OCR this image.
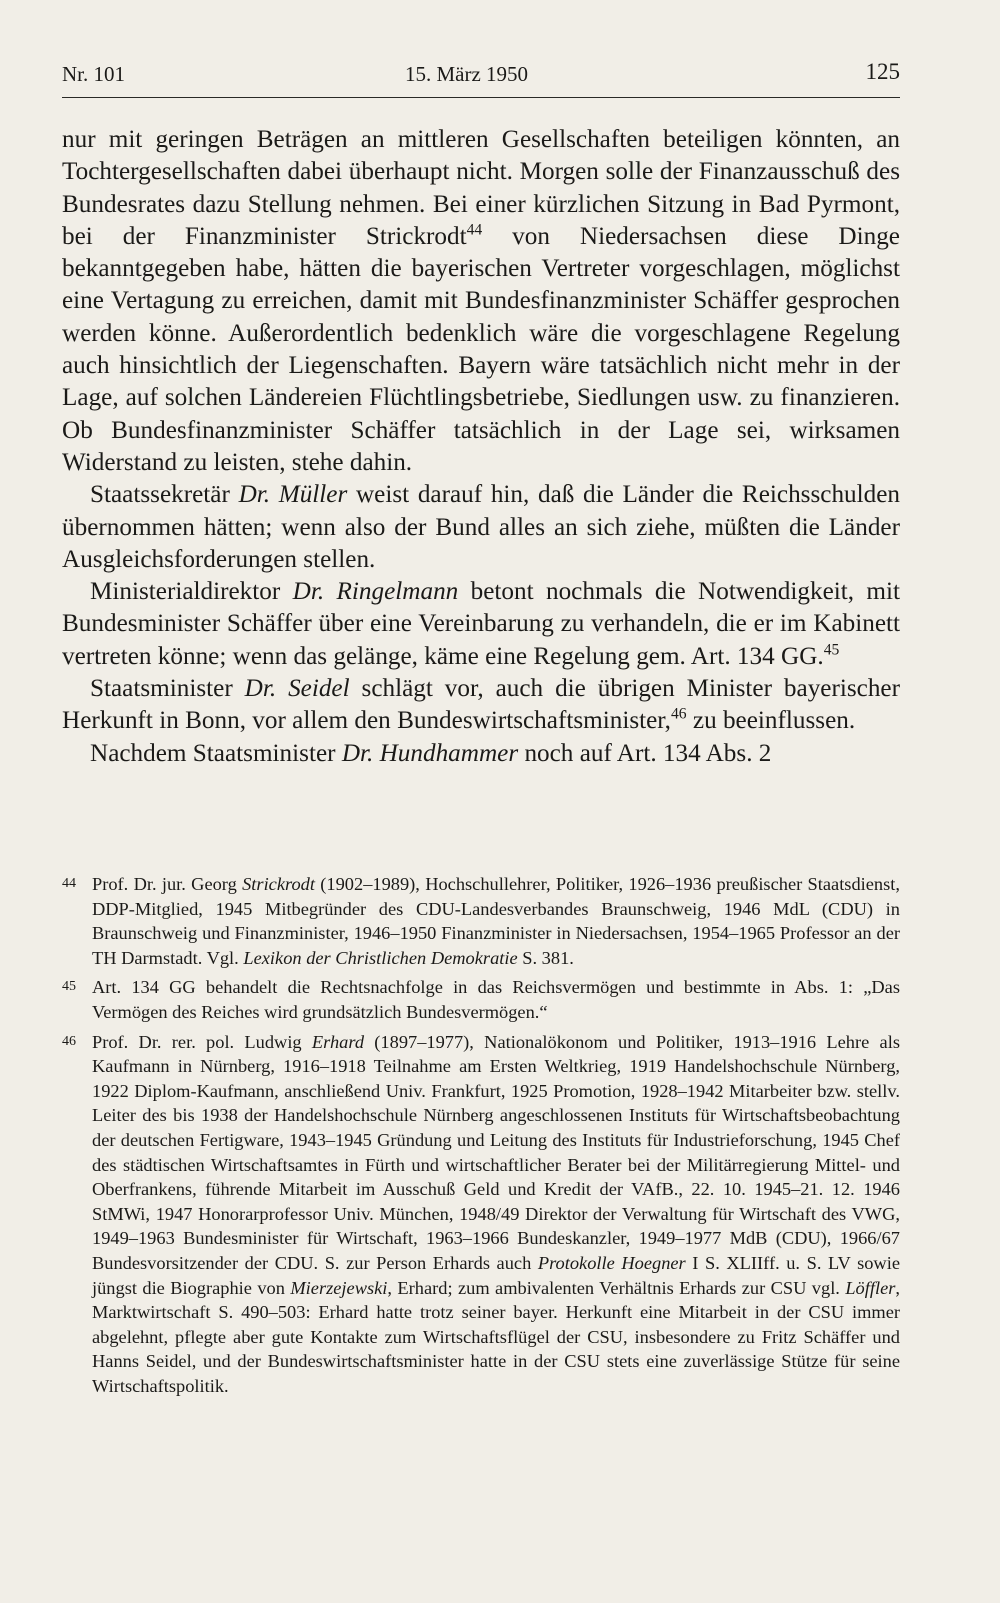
Nr. 101	15. März 1950	125

nur mit geringen Beträgen an mittleren Gesellschaften beteiligen könnten, an Tochtergesellschaften dabei überhaupt nicht. Morgen solle der Finanzausschuß des Bundesrates dazu Stellung nehmen. Bei einer kürzlichen Sitzung in Bad Pyrmont, bei der Finanzminister Strickrodt$^{44}$ von Niedersachsen diese Dinge bekanntgegeben habe, hätten die bayerischen Vertreter vorgeschlagen, möglichst eine Vertagung zu erreichen, damit mit Bundesfinanzminister Schäffer gesprochen werden könne. Außerordentlich bedenklich wäre die vorgeschlagene Regelung auch hinsichtlich der Liegenschaften. Bayern wäre tatsächlich nicht mehr in der Lage, auf solchen Ländereien Flüchtlingsbetriebe, Siedlungen usw. zu finanzieren. Ob Bundesfinanzminister Schäffer tatsächlich in der Lage sei, wirksamen Widerstand zu leisten, stehe dahin.

Staatssekretär Dr. Müller weist darauf hin, daß die Länder die Reichsschulden übernommen hätten; wenn also der Bund alles an sich ziehe, müßten die Länder Ausgleichsforderungen stellen.

Ministerialdirektor Dr. Ringelmann betont nochmals die Notwendigkeit, mit Bundesminister Schäffer über eine Vereinbarung zu verhandeln, die er im Kabinett vertreten könne; wenn das gelänge, käme eine Regelung gem. Art. 134 GG.$^{45}$

Staatsminister Dr. Seidel schlägt vor, auch die übrigen Minister bayerischer Herkunft in Bonn, vor allem den Bundeswirtschaftsminister,$^{46}$ zu beeinflussen.

Nachdem Staatsminister Dr. Hundhammer noch auf Art. 134 Abs. 2

44 Prof. Dr. jur. Georg Strickrodt (1902–1989), Hochschullehrer, Politiker, 1926–1936 preußischer Staatsdienst, DDP-Mitglied, 1945 Mitbegründer des CDU-Landesverbandes Braunschweig, 1946 MdL (CDU) in Braunschweig und Finanzminister, 1946–1950 Finanzminister in Niedersachsen, 1954–1965 Professor an der TH Darmstadt. Vgl. Lexikon der Christlichen Demokratie S. 381.
45 Art. 134 GG behandelt die Rechtsnachfolge in das Reichsvermögen und bestimmte in Abs. 1: „Das Vermögen des Reiches wird grundsätzlich Bundesvermögen.“
46 Prof. Dr. rer. pol. Ludwig Erhard (1897–1977), Nationalökonom und Politiker, 1913–1916 Lehre als Kaufmann in Nürnberg, 1916–1918 Teilnahme am Ersten Weltkrieg, 1919 Handelshochschule Nürnberg, 1922 Diplom-Kaufmann, anschließend Univ. Frankfurt, 1925 Promotion, 1928–1942 Mitarbeiter bzw. stellv. Leiter des bis 1938 der Handelshochschule Nürnberg angeschlossenen Instituts für Wirtschaftsbeobachtung der deutschen Fertigware, 1943–1945 Gründung und Leitung des Instituts für Industrieforschung, 1945 Chef des städtischen Wirtschaftsamtes in Fürth und wirtschaftlicher Berater bei der Militärregierung Mittel- und Oberfrankens, führende Mitarbeit im Ausschuß Geld und Kredit der VAfB., 22. 10. 1945–21. 12. 1946 StMWi, 1947 Honorarprofessor Univ. München, 1948/49 Direktor der Verwaltung für Wirtschaft des VWG, 1949–1963 Bundesminister für Wirtschaft, 1963–1966 Bundeskanzler, 1949–1977 MdB (CDU), 1966/67 Bundesvorsitzender der CDU. S. zur Person Erhards auch Protokolle Hoegner I S. XLIIff. u. S. LV sowie jüngst die Biographie von Mierzejewski, Erhard; zum ambivalenten Verhältnis Erhards zur CSU vgl. Löffler, Marktwirtschaft S. 490–503: Erhard hatte trotz seiner bayer. Herkunft eine Mitarbeit in der CSU immer abgelehnt, pflegte aber gute Kontakte zum Wirtschaftsflügel der CSU, insbesondere zu Fritz Schäffer und Hanns Seidel, und der Bundeswirtschaftsminister hatte in der CSU stets eine zuverlässige Stütze für seine Wirtschaftspolitik.
